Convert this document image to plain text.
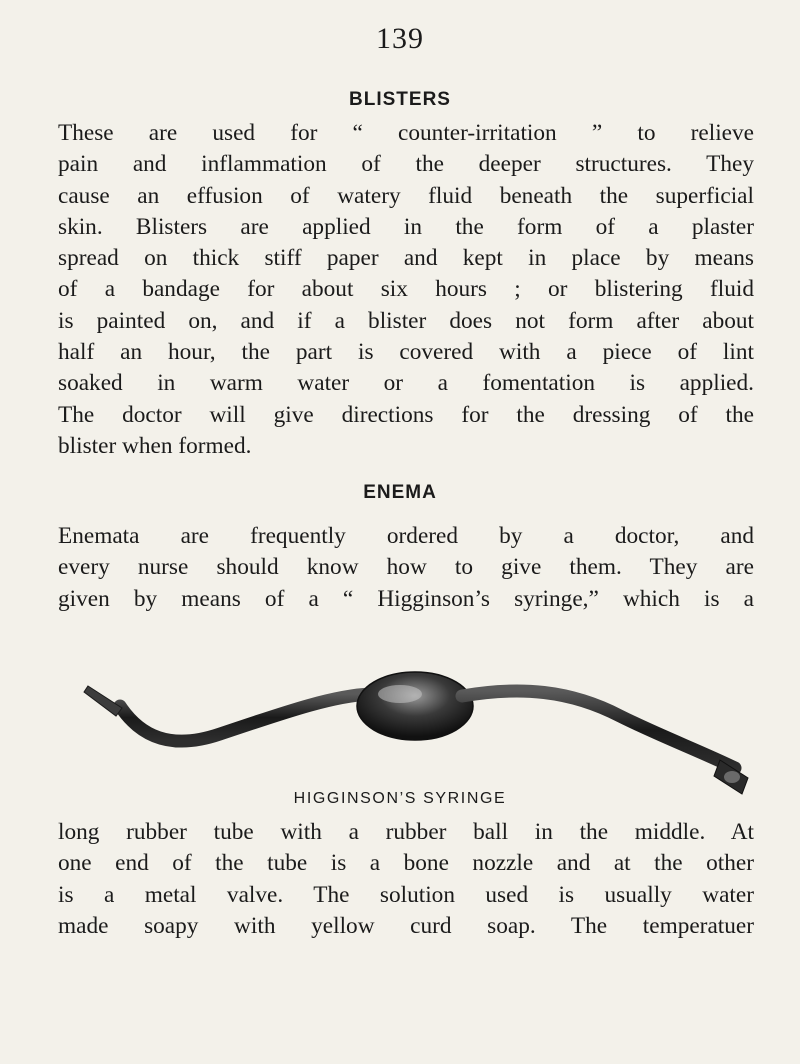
139
BLISTERS
These are used for “ counter-irritation ” to relieve
pain and inflammation of the deeper structures. They
cause an effusion of watery fluid beneath the superficial
skin. Blisters are applied in the form of a plaster
spread on thick stiff paper and kept in place by means
of a bandage for about six hours ; or blistering fluid
is painted on, and if a blister does not form after about
half an hour, the part is covered with a piece of lint
soaked in warm water or a fomentation is applied.
The doctor will give directions for the dressing of the
blister when formed.
ENEMA
Enemata are frequently ordered by a doctor, and
every nurse should know how to give them. They are
given by means of a “ Higginson’s syringe,” which is a
HIGGINSON’S SYRINGE
long rubber tube with a rubber ball in the middle. At
one end of the tube is a bone nozzle and at the other
is a metal valve. The solution used is usually water
made soapy with yellow curd soap. The temperatuer
